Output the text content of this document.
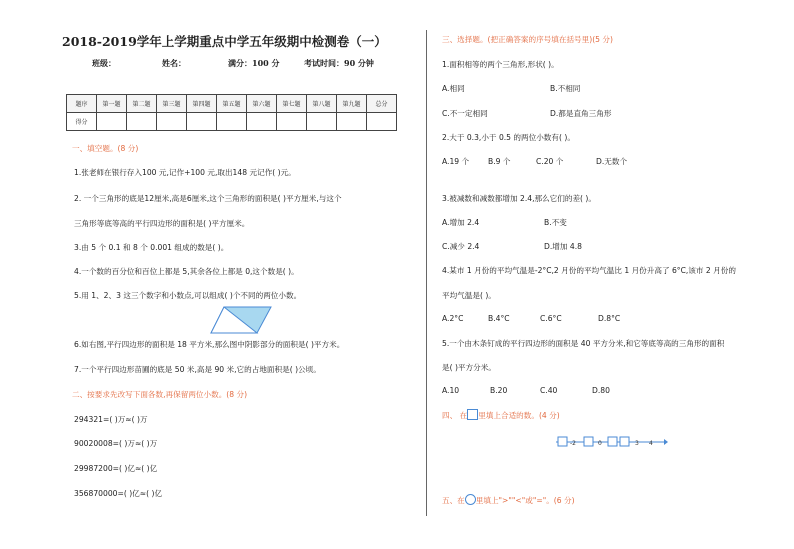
2018-2019学年上学期重点中学五年级期中检测卷（一）
班级：	姓名：	满分：100 分	考试时间：90 分钟
题序	第一题	第二题	第三题	第四题	第五题	第六题	第七题	第八题	第九题	总分
得分										
一、填空题。(8 分)
1.张老师在银行存入100 元,记作+100 元,取出148 元记作( )元。
2. 一个三角形的底是12厘米,高是6厘米,这个三角形的面积是( )平方厘米,与这个
三角形等底等高的平行四边形的面积是( )平方厘米。
3.由 5 个 0.1 和 8 个 0.001 组成的数是( )。
4.一个数的百分位和百位上都是 5,其余各位上都是 0,这个数是( )。
5.用 1、2、3 这三个数字和小数点,可以组成( )个不同的两位小数。
6.如右图,平行四边形的面积是 18 平方米,那么图中阴影部分的面积是( )平方米。
7.一个平行四边形苗圃的底是 50 米,高是 90 米,它的占地面积是( )公顷。
二、按要求先改写下面各数,再保留两位小数。(8 分)
294321=( )万≈( )万
90020008=( )万≈( )万
29987200=( )亿≈( )亿
356870000=( )亿≈( )亿
三、选择题。(把正确答案的序号填在括号里)(5 分)
1.面积相等的两个三角形,形状( )。
A.相同	B.不相同
C.不一定相同	D.都是直角三角形
2.大于 0.3,小于 0.5 的两位小数有( )。
A.19 个 B.9 个	C.20 个	D.无数个
3.被减数和减数都增加 2.4,那么它们的差( )。
A.增加 2.4	B.不变
C.减少 2.4	D.增加 4.8
4.某市 1 月份的平均气温是-2°C,2 月份的平均气温比 1 月份升高了 6°C,该市 2 月份的
平均气温是( )。
A.2°C	B.4°C	C.6°C	D.8°C
5.一个由木条钉成的平行四边形的面积是 40 平方分米,和它等底等高的三角形的面积
是( )平方分米。
A.10	B.20	C.40	D.80
四、 在 里填上合适的数。(4 分)
-2	0	3 4
五、在 里填上">""<"或"="。(6 分)
